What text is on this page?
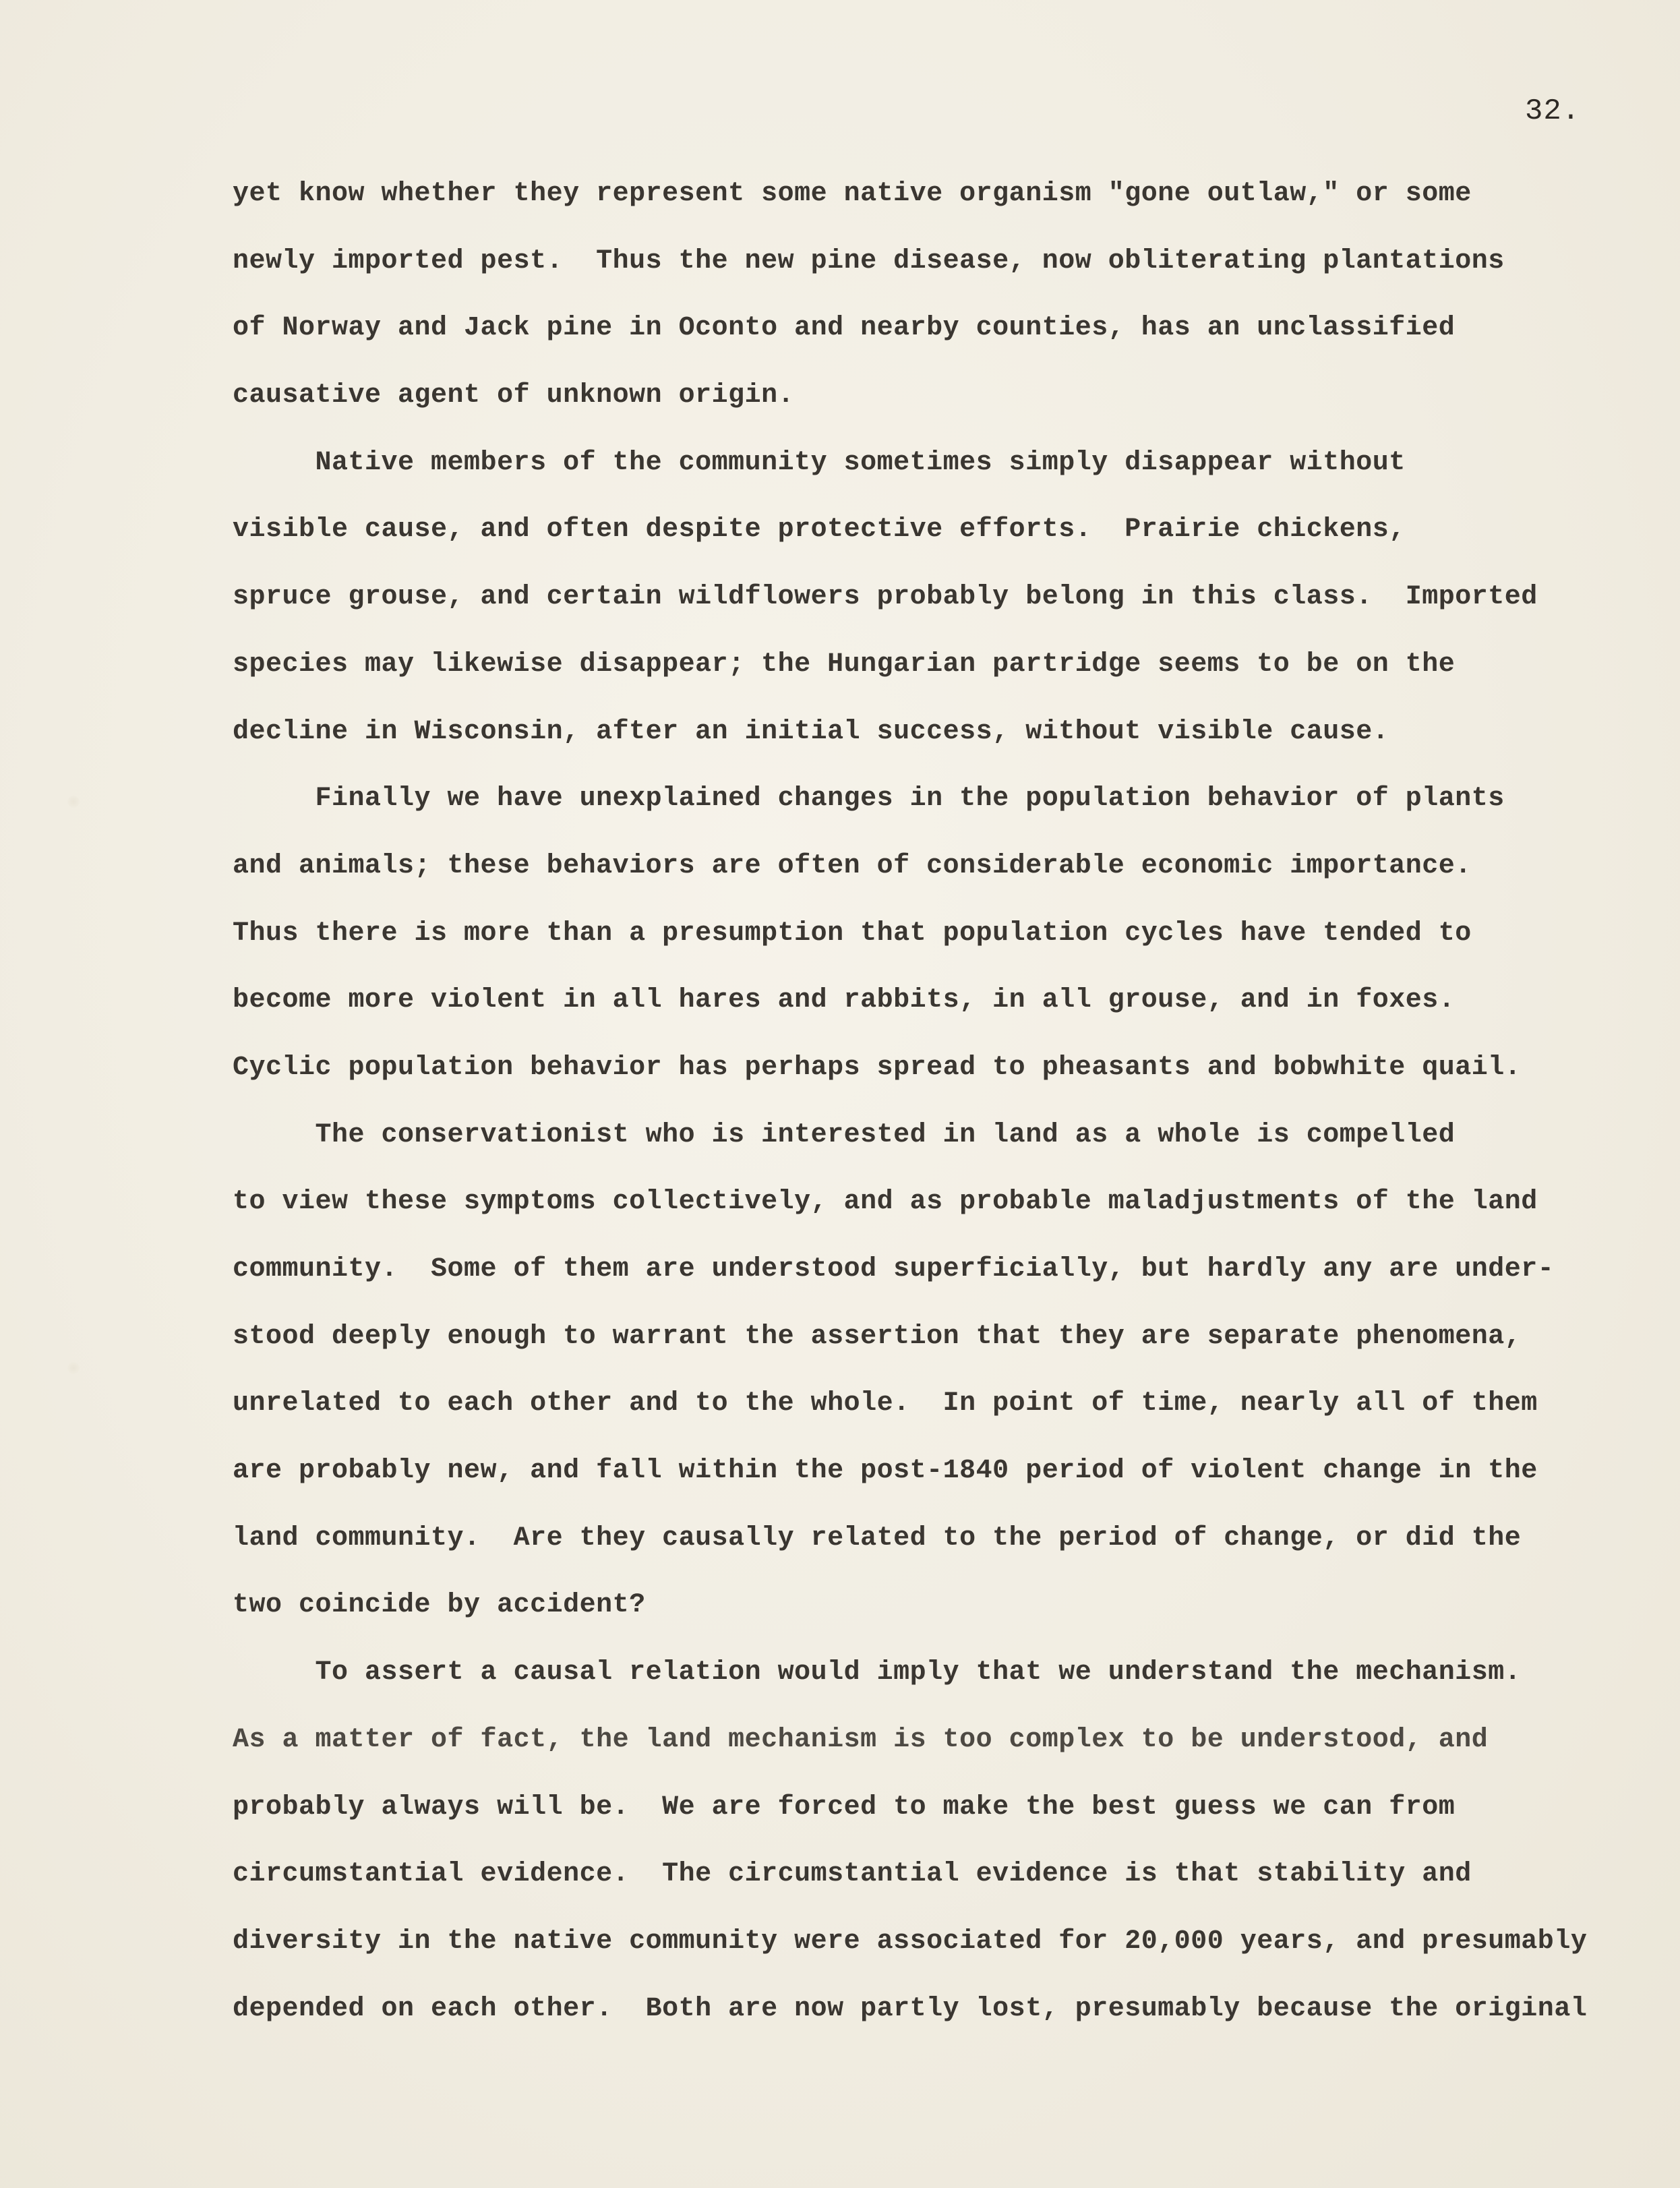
32.
yet know whether they represent some native organism "gone outlaw," or some
newly imported pest.  Thus the new pine disease, now obliterating plantations
of Norway and Jack pine in Oconto and nearby counties, has an unclassified
causative agent of unknown origin.
Native members of the community sometimes simply disappear without
visible cause, and often despite protective efforts.  Prairie chickens,
spruce grouse, and certain wildflowers probably belong in this class.  Imported
species may likewise disappear; the Hungarian partridge seems to be on the
decline in Wisconsin, after an initial success, without visible cause.
Finally we have unexplained changes in the population behavior of plants
and animals; these behaviors are often of considerable economic importance.
Thus there is more than a presumption that population cycles have tended to
become more violent in all hares and rabbits, in all grouse, and in foxes.
Cyclic population behavior has perhaps spread to pheasants and bobwhite quail.
The conservationist who is interested in land as a whole is compelled
to view these symptoms collectively, and as probable maladjustments of the land
community.  Some of them are understood superficially, but hardly any are under-
stood deeply enough to warrant the assertion that they are separate phenomena,
unrelated to each other and to the whole.  In point of time, nearly all of them
are probably new, and fall within the post-1840 period of violent change in the
land community.  Are they causally related to the period of change, or did the
two coincide by accident?
To assert a causal relation would imply that we understand the mechanism.
As a matter of fact, the land mechanism is too complex to be understood, and
probably always will be.  We are forced to make the best guess we can from
circumstantial evidence.  The circumstantial evidence is that stability and
diversity in the native community were associated for 20,000 years, and presumably
depended on each other.  Both are now partly lost, presumably because the original
